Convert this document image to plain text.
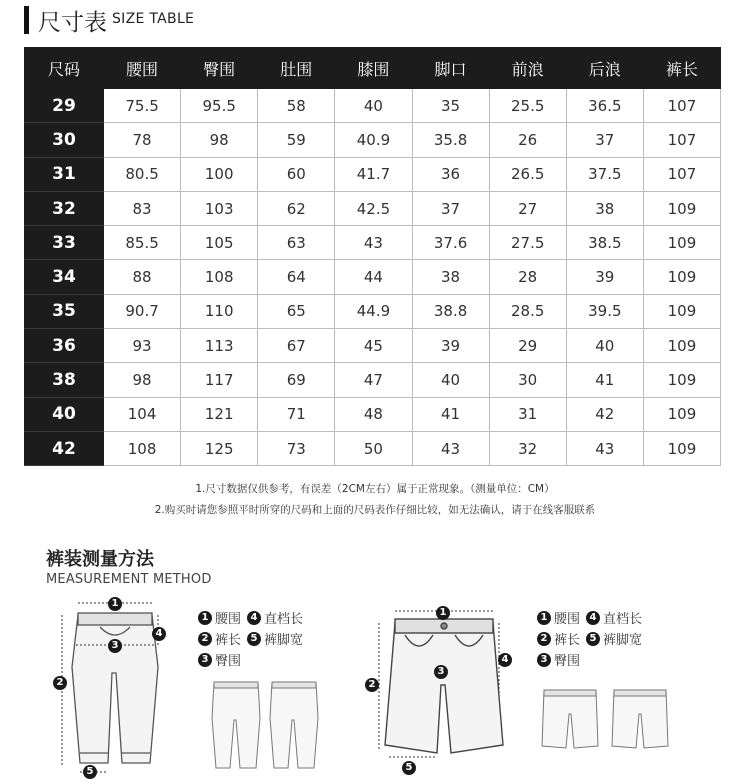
尺寸表 SIZE TABLE
尺码	腰围	臀围	肚围	膝围	脚口	前浪	后浪	裤长
29	75.5	95.5	58	40	35	25.5	36.5	107
30	78	98	59	40.9	35.8	26	37	107
31	80.5	100	60	41.7	36	26.5	37.5	107
32	83	103	62	42.5	37	27	38	109
33	85.5	105	63	43	37.6	27.5	38.5	109
34	88	108	64	44	38	28	39	109
35	90.7	110	65	44.9	38.8	28.5	39.5	109
36	93	113	67	45	39	29	40	109
38	98	117	69	47	40	30	41	109
40	104	121	71	48	41	31	42	109
42	108	125	73	50	43	32	43	109
1.尺寸数据仅供参考，有误差（2CM左右）属于正常现象。（测量单位：CM）
2.购买时请您参照平时所穿的尺码和上面的尺码表作仔细比较，如无法确认，请于在线客服联系
裤装测量方法
MEASUREMENT METHOD
1 腰围 4 直档长
2 裤长 5 裤脚宽
3 臀围
1 腰围 4 直档长
2 裤长 5 裤脚宽
3 臀围
1
2
3
4
5
1
2
3
4
5
